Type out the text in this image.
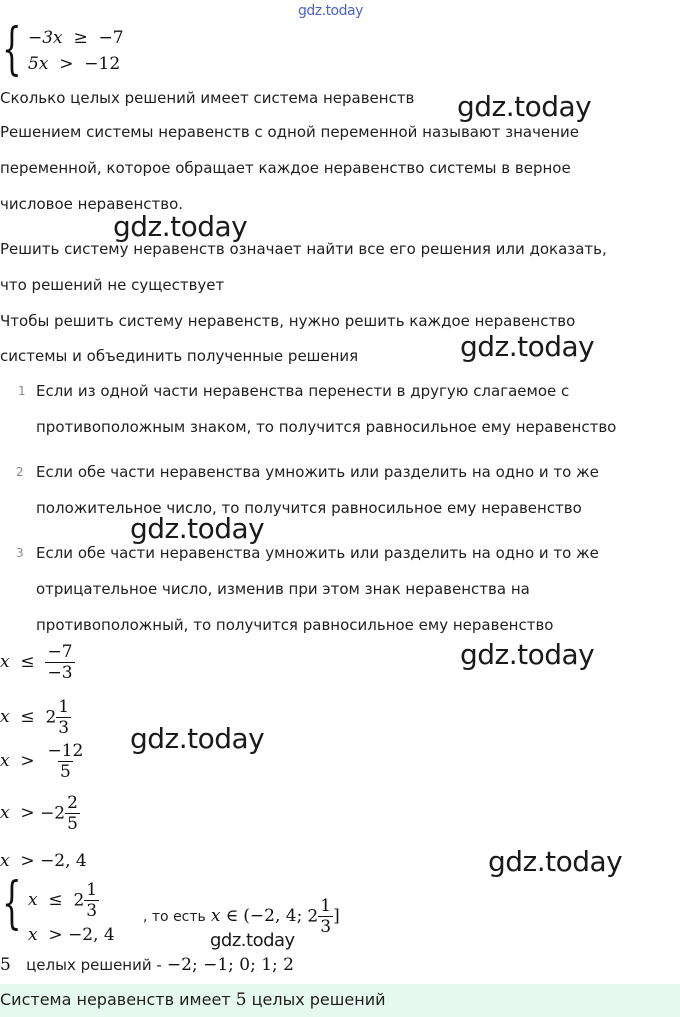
gdz.today
gdz.today
gdz.today
gdz.today
gdz.today
gdz.today
gdz.today
gdz.today
gdz.today
{ −3x ≥ −7
5x > −12
Сколько целых решений имеет система неравенств
Решением системы неравенств с одной переменной называют значение
переменной, которое обращает каждое неравенство системы в верное
числовое неравенство.
Решить систему неравенств означает найти все его решения или доказать,
что решений не существует
Чтобы решить систему неравенств, нужно решить каждое неравенство
системы и объединить полученные решения
1 Если из одной части неравенства перенести в другую слагаемое с
противоположным знаком, то получится равносильное ему неравенство
2 Если обе части неравенства умножить или разделить на одно и то же
положительное число, то получится равносильное ему неравенство
3 Если обе части неравенства умножить или разделить на одно и то же
отрицательное число, изменив при этом знак неравенства на
противоположный, то получится равносильное ему неравенство
$x \le \frac{-7}{-3}$
$x \le 2 \frac{1}{3}$
$x > \frac{-12}{5}$
$x > -2 \frac{2}{5}$
x > −2, 4
{ $x \le 2 \frac{1}{3}$
x > −2, 4
, то есть x ∈ (−2, 4; $2 \frac{1}{3}$ ]
5 целых решений - −2; −1; 0; 1; 2
Система неравенств имеет 5 целых решений
